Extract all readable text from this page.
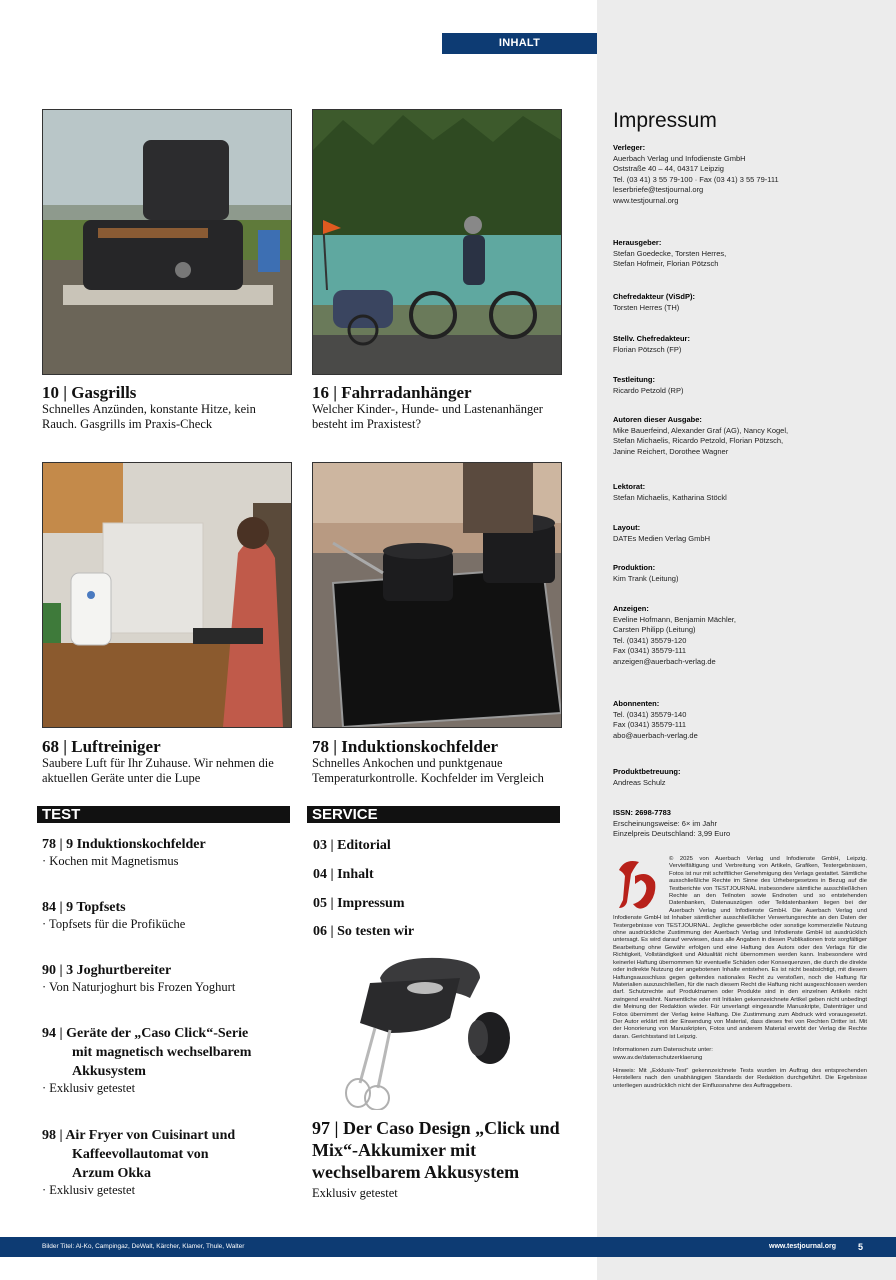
INHALT
10 | Gasgrills
Schnelles Anzünden, konstante Hitze, kein Rauch. Gasgrills im Praxis-Check
16 | Fahrradanhänger
Welcher Kinder-, Hunde- und Lastenanhänger besteht im Praxistest?
68 | Luftreiniger
Saubere Luft für Ihr Zuhause. Wir nehmen die aktuellen Geräte unter die Lupe
78 | Induktionskochfelder
Schnelles Ankochen und punktgenaue Temperaturkontrolle. Kochfelder im Vergleich
TEST
78 | 9 Induktionskochfelder
· Kochen mit Magnetismus
84 | 9 Topfsets
· Topfsets für die Profiküche
90 | 3 Joghurtbereiter
· Von Naturjoghurt bis Frozen Yoghurt
94 | Geräte der „Caso Click“-Serie
mit magnetisch wechselbarem
Akkusystem
· Exklusiv getestet
98 | Air Fryer von Cuisinart und
Kaffeevollautomat von
Arzum Okka
· Exklusiv getestet
SERVICE
03 | Editorial
04 | Inhalt
05 | Impressum
06 | So testen wir
97 | Der Caso Design „Click und Mix“-Akkumixer mit wechselbarem Akkusystem
Exklusiv getestet
Impressum
Verleger:
Auerbach Verlag und Infodienste GmbH
Oststraße 40 – 44, 04317 Leipzig
Tel. (03 41) 3 55 79-100 · Fax (03 41) 3 55 79-111
leserbriefe@testjournal.org
www.testjournal.org
Herausgeber:
Stefan Goedecke, Torsten Herres,
Stefan Hofmeir, Florian Pötzsch
Chefredakteur (ViSdP):
Torsten Herres (TH)
Stellv. Chefredakteur:
Florian Pötzsch (FP)
Testleitung:
Ricardo Petzold (RP)
Autoren dieser Ausgabe:
Mike Bauerfeind, Alexander Graf (AG), Nancy Kogel,
Stefan Michaelis, Ricardo Petzold, Florian Pötzsch,
Janine Reichert, Dorothee Wagner
Lektorat:
Stefan Michaelis, Katharina Stöckl
Layout:
DATEs Medien Verlag GmbH
Produktion:
Kim Trank (Leitung)
Anzeigen:
Eveline Hofmann, Benjamin Mächler,
Carsten Philipp (Leitung)
Tel. (0341) 35579-120
Fax (0341) 35579-111
anzeigen@auerbach-verlag.de
Abonnenten:
Tel. (0341) 35579-140
Fax (0341) 35579-111
abo@auerbach-verlag.de
Produktbetreuung:
Andreas Schulz
ISSN: 2698-7783
Erscheinungsweise: 6× im Jahr
Einzelpreis Deutschland: 3,99 Euro
© 2025 von Auerbach Verlag und Infodienste GmbH, Leipzig. Vervielfältigung und Verbreitung von Artikeln, Grafiken, Testergebnissen, Fotos ist nur mit schriftlicher Genehmigung des Verlags gestattet. Sämtliche ausschließliche Rechte im Sinne des Urhebergesetzes in Bezug auf die Testberichte von TESTJOURNAL insbesondere sämtliche ausschließlichen Rechte an den Teilnoten sowie Endnoten und so entstehenden Datenbanken, Datenauszügen oder Teildatenbanken liegen bei der Auerbach Verlag und Infodienste GmbH. Die Auerbach Verlag und Infodienste GmbH ist Inhaber sämtlicher ausschließlicher Verwertungsrechte an den Daten der Testergebnisse von TESTJOURNAL. Jegliche gewerbliche oder sonstige kommerzielle Nutzung ohne ausdrückliche Zustimmung der Auerbach Verlag und Infodienste GmbH ist ausdrücklich untersagt. Es wird darauf verwiesen, dass alle Angaben in diesen Publikationen trotz sorgfältiger Bearbeitung ohne Gewähr erfolgen und eine Haftung des Autors oder des Verlags für die Richtigkeit, Vollständigkeit und Aktualität nicht übernommen werden kann. Insbesondere wird keinerlei Haftung übernommen für eventuelle Schäden oder Konsequenzen, die durch die direkte oder indirekte Nutzung der angebotenen Inhalte entstehen. Es ist nicht beabsichtigt, mit diesem Haftungsausschluss gegen geltendes nationales Recht zu verstoßen, noch die Haftung für Materialien auszuschließen, für die nach diesem Recht die Haftung nicht ausgeschlossen werden darf. Schutzrechte auf Produktnamen oder Produkte sind in den einzelnen Artikeln nicht zwingend erwähnt. Namentliche oder mit Initialen gekennzeichnete Artikel geben nicht unbedingt die Meinung der Redaktion wieder. Für unverlangt eingesandte Manuskripte, Datenträger und Fotos übernimmt der Verlag keine Haftung. Die Zustimmung zum Abdruck wird vorausgesetzt. Der Autor erklärt mit der Einsendung von Material, dass dieses frei von Rechten Dritter ist. Mit der Honorierung von Manuskripten, Fotos und anderem Material erwirbt der Verlag die Rechte daran. Gerichtsstand ist Leipzig.
Informationen zum Datenschutz unter:
www.av.de/datenschutzerklaerung
Hinweis: Mit „Exklusiv-Test“ gekennzeichnete Tests wurden im Auftrag des entsprechenden Herstellers nach den unabhängigen Standards der Redaktion durchgeführt. Die Ergebnisse unterliegen ausdrücklich nicht der Einflussnahme des Auftraggebers.
Bilder Titel: Al-Ko, Campingaz, DeWalt, Kärcher, Klamer, Thule, Walter	www.testjournal.org 5
